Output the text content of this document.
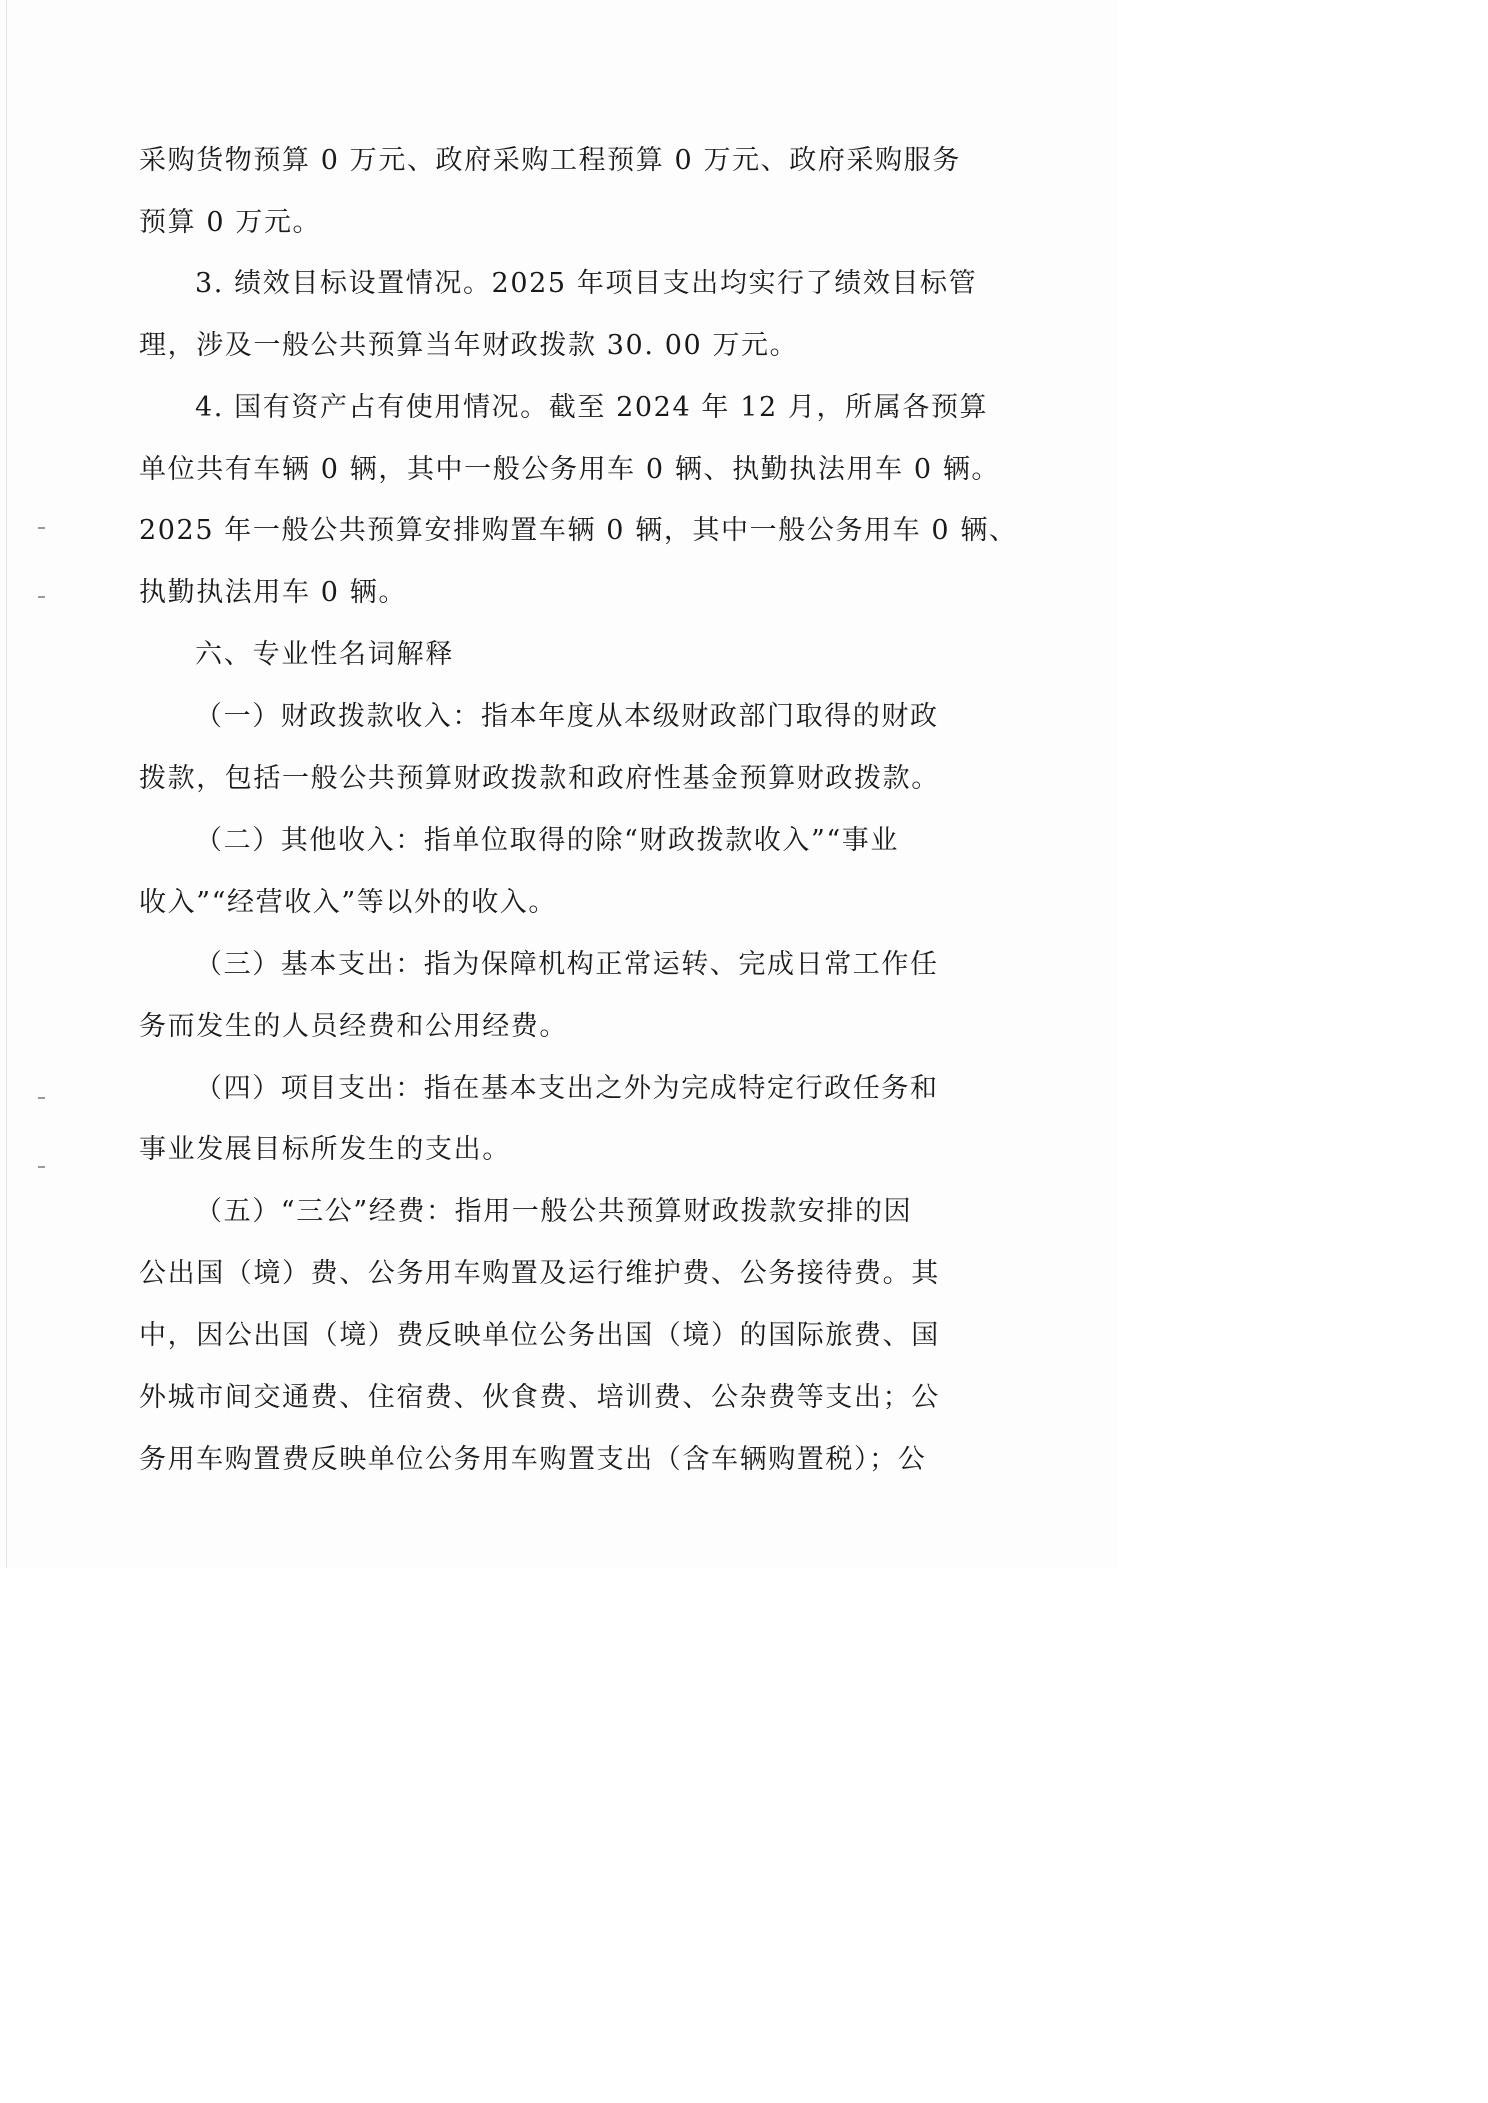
采购货物预算 0 万元、政府采购工程预算 0 万元、政府采购服务
预算 0 万元。
3. 绩效目标设置情况。2025 年项目支出均实行了绩效目标管
理，涉及一般公共预算当年财政拨款 30. 00 万元。
4. 国有资产占有使用情况。截至 2024 年 12 月，所属各预算
单位共有车辆 0 辆，其中一般公务用车 0 辆、执勤执法用车 0 辆。
2025 年一般公共预算安排购置车辆 0 辆，其中一般公务用车 0 辆、
执勤执法用车 0 辆。
六、专业性名词解释
（一）财政拨款收入：指本年度从本级财政部门取得的财政
拨款，包括一般公共预算财政拨款和政府性基金预算财政拨款。
（二）其他收入：指单位取得的除“财政拨款收入”“事业
收入”“经营收入”等以外的收入。
（三）基本支出：指为保障机构正常运转、完成日常工作任
务而发生的人员经费和公用经费。
（四）项目支出：指在基本支出之外为完成特定行政任务和
事业发展目标所发生的支出。
（五）“三公”经费：指用一般公共预算财政拨款安排的因
公出国（境）费、公务用车购置及运行维护费、公务接待费。其
中，因公出国（境）费反映单位公务出国（境）的国际旅费、国
外城市间交通费、住宿费、伙食费、培训费、公杂费等支出；公
务用车购置费反映单位公务用车购置支出（含车辆购置税）；公
